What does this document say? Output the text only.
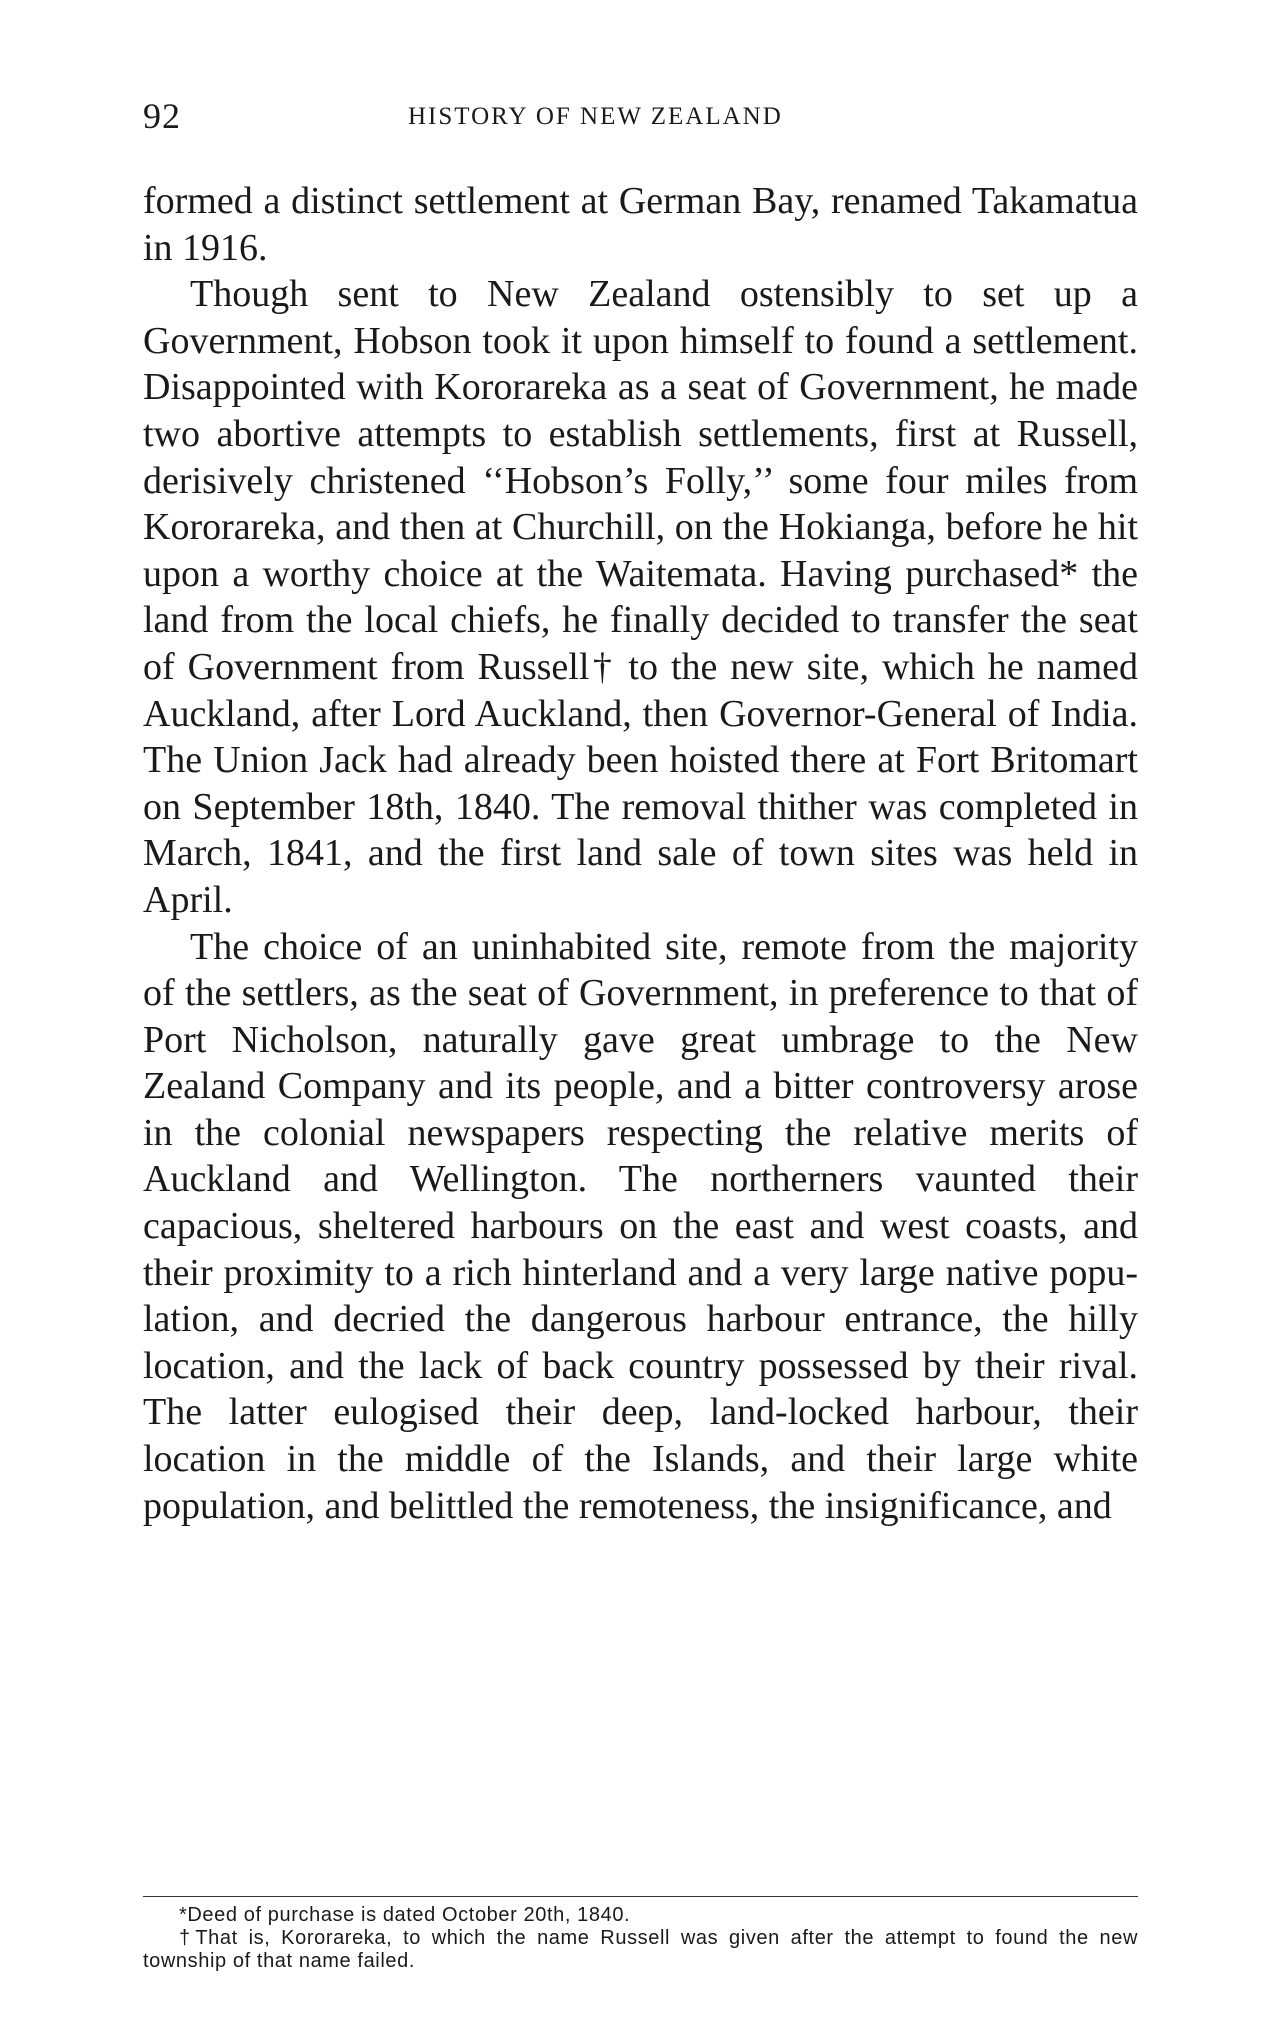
92	HISTORY OF NEW ZEALAND

formed a distinct settlement at German Bay, renamed Takamatua in 1916.

Though sent to New Zealand ostensibly to set up a Government, Hobson took it upon himself to found a settlement. Disappointed with Kororareka as a seat of Government, he made two abortive attempts to establish settlements, first at Russell, derisively christened ‘‘Hobson’s Folly,’’ some four miles from Kororareka, and then at Churchill, on the Hokianga, before he hit upon a worthy choice at the Waitemata. Having purchased* the land from the local chiefs, he finally decided to transfer the seat of Government from Russell† to the new site, which he named Auckland, after Lord Auckland, then Governor-General of India. The Union Jack had already been hoisted there at Fort Britomart on September 18th, 1840. The removal thither was completed in March, 1841, and the first land sale of town sites was held in April.

The choice of an uninhabited site, remote from the majority of the settlers, as the seat of Government, in preference to that of Port Nicholson, naturally gave great umbrage to the New Zealand Company and its people, and a bitter controversy arose in the colonial newspapers respecting the relative merits of Auckland and Wellington. The northerners vaunted their capacious, sheltered harbours on the east and west coasts, and their proximity to a rich hinterland and a very large native population, and decried the dangerous harbour entrance, the hilly location, and the lack of back country possessed by their rival. The latter eulogised their deep, land-locked harbour, their location in the middle of the Islands, and their large white population, and belittled the remoteness, the insignificance, and

*Deed of purchase is dated October 20th, 1840.

†That is, Kororareka, to which the name Russell was given after the attempt to found the new township of that name failed.
